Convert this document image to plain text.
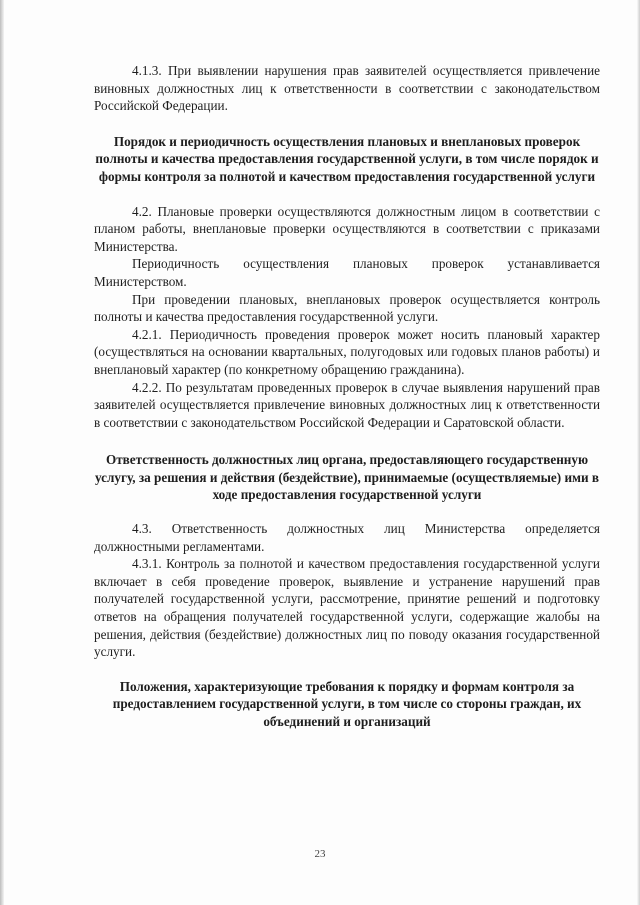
4.1.3. При выявлении нарушения прав заявителей осуществляется привлечение виновных должностных лиц к ответственности в соответствии с законодательством Российской Федерации.

Порядок и периодичность осуществления плановых и внеплановых проверок полноты и качества предоставления государственной услуги, в том числе порядок и формы контроля за полнотой и качеством предоставления государственной услуги

4.2. Плановые проверки осуществляются должностным лицом в соответствии с планом работы, внеплановые проверки осуществляются в соответствии с приказами Министерства.

Периодичность осуществления плановых проверок устанавливается Министерством.

При проведении плановых, внеплановых проверок осуществляется контроль полноты и качества предоставления государственной услуги.

4.2.1. Периодичность проведения проверок может носить плановый характер (осуществляться на основании квартальных, полугодовых или годовых планов работы) и внеплановый характер (по конкретному обращению гражданина).

4.2.2. По результатам проведенных проверок в случае выявления нарушений прав заявителей осуществляется привлечение виновных должностных лиц к ответственности в соответствии с законодательством Российской Федерации и Саратовской области.

Ответственность должностных лиц органа, предоставляющего государственную услугу, за решения и действия (бездействие), принимаемые (осуществляемые) ими в ходе предоставления государственной услуги

4.3. Ответственность должностных лиц Министерства определяется должностными регламентами.

4.3.1. Контроль за полнотой и качеством предоставления государственной услуги включает в себя проведение проверок, выявление и устранение нарушений прав получателей государственной услуги, рассмотрение, принятие решений и подготовку ответов на обращения получателей государственной услуги, содержащие жалобы на решения, действия (бездействие) должностных лиц по поводу оказания государственной услуги.

Положения, характеризующие требования к порядку и формам контроля за предоставлением государственной услуги, в том числе со стороны граждан, их объединений и организаций
23
